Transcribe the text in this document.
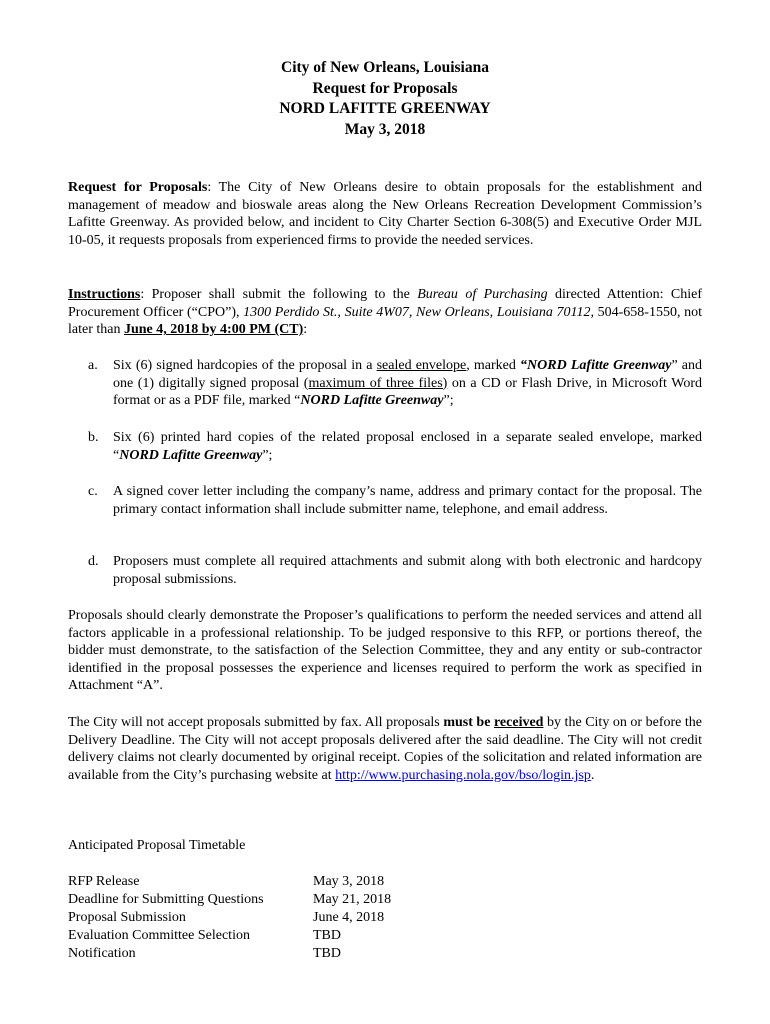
City of New Orleans, Louisiana
Request for Proposals
NORD LAFITTE GREENWAY
May 3, 2018
Request for Proposals: The City of New Orleans desire to obtain proposals for the establishment and management of meadow and bioswale areas along the New Orleans Recreation Development Commission’s Lafitte Greenway. As provided below, and incident to City Charter Section 6-308(5) and Executive Order MJL 10-05, it requests proposals from experienced firms to provide the needed services.
Instructions: Proposer shall submit the following to the Bureau of Purchasing directed Attention: Chief Procurement Officer (“CPO”), 1300 Perdido St., Suite 4W07, New Orleans, Louisiana 70112, 504-658-1550, not later than June 4, 2018 by 4:00 PM (CT):
a. Six (6) signed hardcopies of the proposal in a sealed envelope, marked “NORD Lafitte Greenway” and one (1) digitally signed proposal (maximum of three files) on a CD or Flash Drive, in Microsoft Word format or as a PDF file, marked “NORD Lafitte Greenway”;
b. Six (6) printed hard copies of the related proposal enclosed in a separate sealed envelope, marked “NORD Lafitte Greenway”;
c. A signed cover letter including the company’s name, address and primary contact for the proposal. The primary contact information shall include submitter name, telephone, and email address.
d. Proposers must complete all required attachments and submit along with both electronic and hardcopy proposal submissions.
Proposals should clearly demonstrate the Proposer’s qualifications to perform the needed services and attend all factors applicable in a professional relationship. To be judged responsive to this RFP, or portions thereof, the bidder must demonstrate, to the satisfaction of the Selection Committee, they and any entity or sub-contractor identified in the proposal possesses the experience and licenses required to perform the work as specified in Attachment “A”.
The City will not accept proposals submitted by fax. All proposals must be received by the City on or before the Delivery Deadline. The City will not accept proposals delivered after the said deadline. The City will not credit delivery claims not clearly documented by original receipt. Copies of the solicitation and related information are available from the City’s purchasing website at http://www.purchasing.nola.gov/bso/login.jsp.
Anticipated Proposal Timetable
RFP Release	May 3, 2018
Deadline for Submitting Questions	May 21, 2018
Proposal Submission	June 4, 2018
Evaluation Committee Selection	TBD
Notification	TBD
